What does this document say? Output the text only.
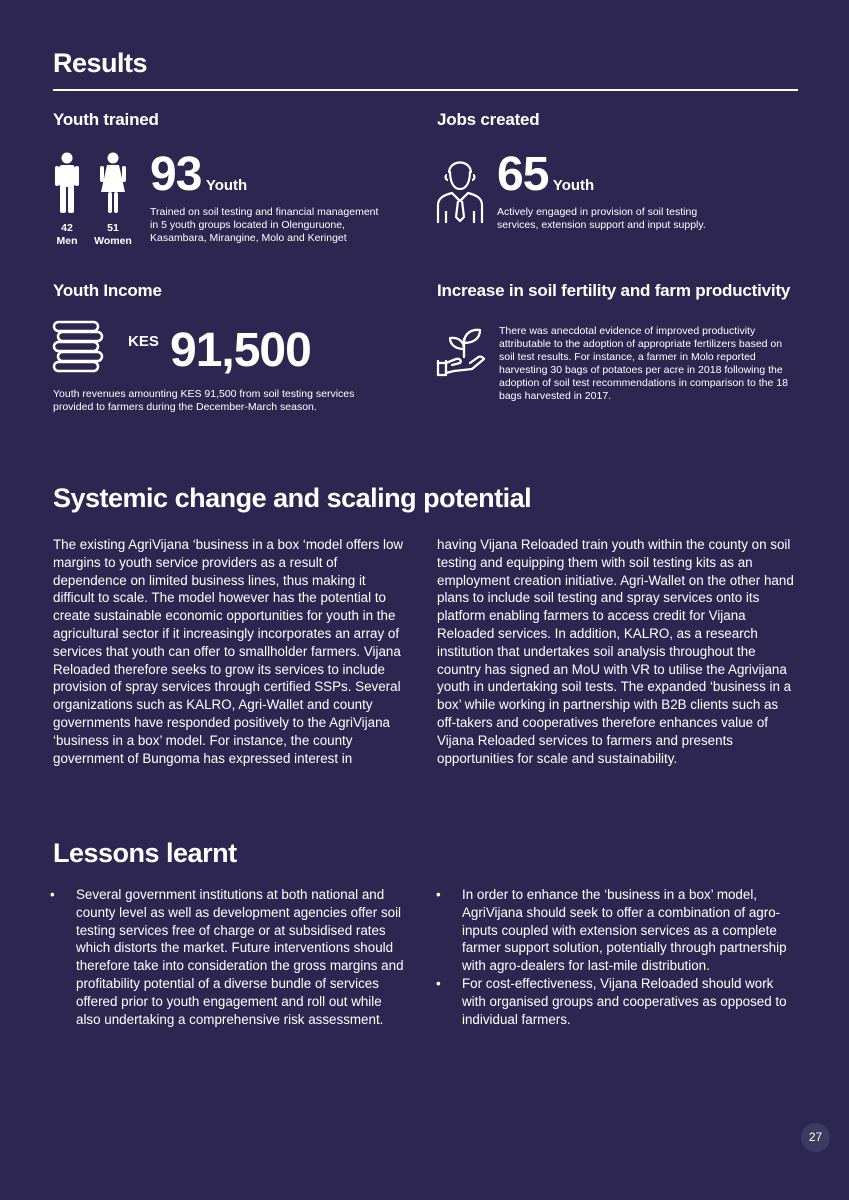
Results
Youth trained
42
Men
51
Women
93 Youth
Trained on soil testing and financial management in 5 youth groups located in Olenguruone, Kasambara, Mirangine, Molo and Keringet
Jobs created
65 Youth
Actively engaged in provision of soil testing services, extension support and input supply.
Youth Income
KES 91,500
Youth revenues amounting KES 91,500 from soil testing services provided to farmers during the December-March season.
Increase in soil fertility and farm productivity
There was anecdotal evidence of improved productivity attributable to the adoption of appropriate fertilizers based on soil test results. For instance, a farmer in Molo reported harvesting 30 bags of potatoes per acre in 2018 following the adoption of soil test recommendations in comparison to the 18 bags harvested in 2017.
Systemic change and scaling potential
The existing AgriVijana ‘business in a box ‘model offers low margins to youth service providers as a result of dependence on limited business lines, thus making it difficult to scale. The model however has the potential to create sustainable economic opportunities for youth in the agricultural sector if it increasingly incorporates an array of services that youth can offer to smallholder farmers. Vijana Reloaded therefore seeks to grow its services to include provision of spray services through certified SSPs. Several organizations such as KALRO, Agri-Wallet and county governments have responded positively to the AgriVijana ‘business in a box’ model. For instance, the county government of Bungoma has expressed interest in
having Vijana Reloaded train youth within the county on soil testing and equipping them with soil testing kits as an employment creation initiative. Agri-Wallet on the other hand plans to include soil testing and spray services onto its platform enabling farmers to access credit for Vijana Reloaded services. In addition, KALRO, as a research institution that undertakes soil analysis throughout the country has signed an MoU with VR to utilise the Agrivijana youth in undertaking soil tests. The expanded ‘business in a box’ while working in partnership with B2B clients such as off-takers and cooperatives therefore enhances value of Vijana Reloaded services to farmers and presents opportunities for scale and sustainability.
Lessons learnt
• Several government institutions at both national and county level as well as development agencies offer soil testing services free of charge or at subsidised rates which distorts the market. Future interventions should therefore take into consideration the gross margins and profitability potential of a diverse bundle of services offered prior to youth engagement and roll out while also undertaking a comprehensive risk assessment.
• In order to enhance the ‘business in a box’ model, AgriVijana should seek to offer a combination of agro-inputs coupled with extension services as a complete farmer support solution, potentially through partnership with agro-dealers for last-mile distribution.
• For cost-effectiveness, Vijana Reloaded should work with organised groups and cooperatives as opposed to individual farmers.
27
